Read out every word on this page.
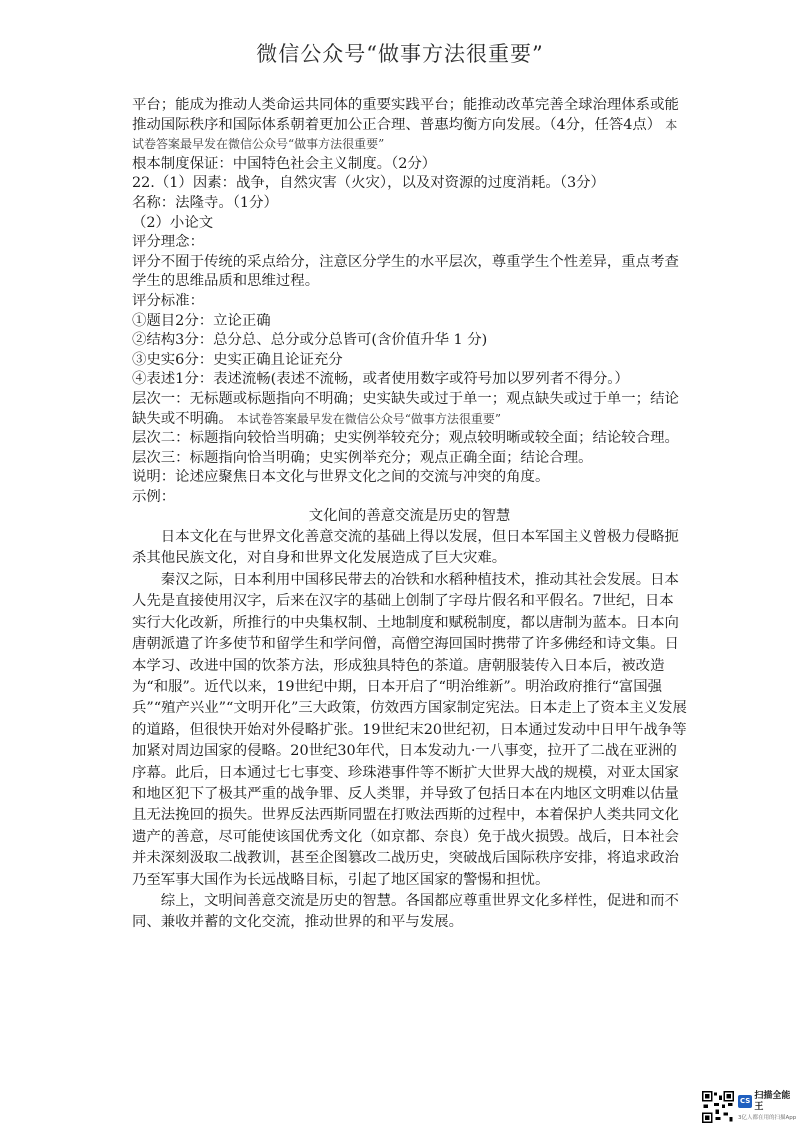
微信公众号“做事方法很重要”

平台；能成为推动人类命运共同体的重要实践平台；能推动改革完善全球治理体系或能推动国际秩序和国际体系朝着更加公正合理、普惠均衡方向发展。（4分，任答4点） 本试卷答案最早发在微信公众号“做事方法很重要”

根本制度保证：中国特色社会主义制度。（2分）

22.（1）因素：战争，自然灾害（火灾），以及对资源的过度消耗。（3分）

名称：法隆寺。（1分）

（2）小论文

评分理念：

评分不囿于传统的采点给分，注意区分学生的水平层次，尊重学生个性差异，重点考查学生的思维品质和思维过程。

评分标准：

①题目2分：立论正确

②结构3分：总分总、总分或分总皆可(含价值升华 1 分)

③史实6分：史实正确且论证充分

④表述1分：表述流畅(表述不流畅，或者使用数字或符号加以罗列者不得分。）

层次一：无标题或标题指向不明确；史实缺失或过于单一；观点缺失或过于单一；结论缺失或不明确。 本试卷答案最早发在微信公众号“做事方法很重要”

层次二：标题指向较恰当明确；史实例举较充分；观点较明晰或较全面；结论较合理。

层次三：标题指向恰当明确；史实例举充分；观点正确全面；结论合理。

说明：论述应聚焦日本文化与世界文化之间的交流与冲突的角度。

示例：

文化间的善意交流是历史的智慧

日本文化在与世界文化善意交流的基础上得以发展，但日本军国主义曾极力侵略扼杀其他民族文化，对自身和世界文化发展造成了巨大灾难。

秦汉之际，日本利用中国移民带去的冶铁和水稻种植技术，推动其社会发展。日本人先是直接使用汉字，后来在汉字的基础上创制了字母片假名和平假名。7世纪，日本实行大化改新，所推行的中央集权制、土地制度和赋税制度，都以唐制为蓝本。日本向唐朝派遣了许多使节和留学生和学问僧，高僧空海回国时携带了许多佛经和诗文集。日本学习、改进中国的饮茶方法，形成独具特色的茶道。唐朝服装传入日本后，被改造为“和服”。近代以来，19世纪中期，日本开启了“明治维新”。明治政府推行“富国强兵”“殖产兴业”“文明开化”三大政策，仿效西方国家制定宪法。日本走上了资本主义发展的道路，但很快开始对外侵略扩张。19世纪末20世纪初，日本通过发动中日甲午战争等加紧对周边国家的侵略。20世纪30年代，日本发动九·一八事变，拉开了二战在亚洲的序幕。此后，日本通过七七事变、珍珠港事件等不断扩大世界大战的规模，对亚太国家和地区犯下了极其严重的战争罪、反人类罪，并导致了包括日本在内地区文明难以估量且无法挽回的损失。世界反法西斯同盟在打败法西斯的过程中，本着保护人类共同文化遗产的善意，尽可能使该国优秀文化（如京都、奈良）免于战火损毁。战后，日本社会并未深刻汲取二战教训，甚至企图篡改二战历史，突破战后国际秩序安排，将追求政治乃至军事大国作为长远战略目标，引起了地区国家的警惕和担忧。

综上，文明间善意交流是历史的智慧。各国都应尊重世界文化多样性，促进和而不同、兼收并蓄的文化交流，推动世界的和平与发展。

CS
扫描全能王
3亿人都在用的扫描App
